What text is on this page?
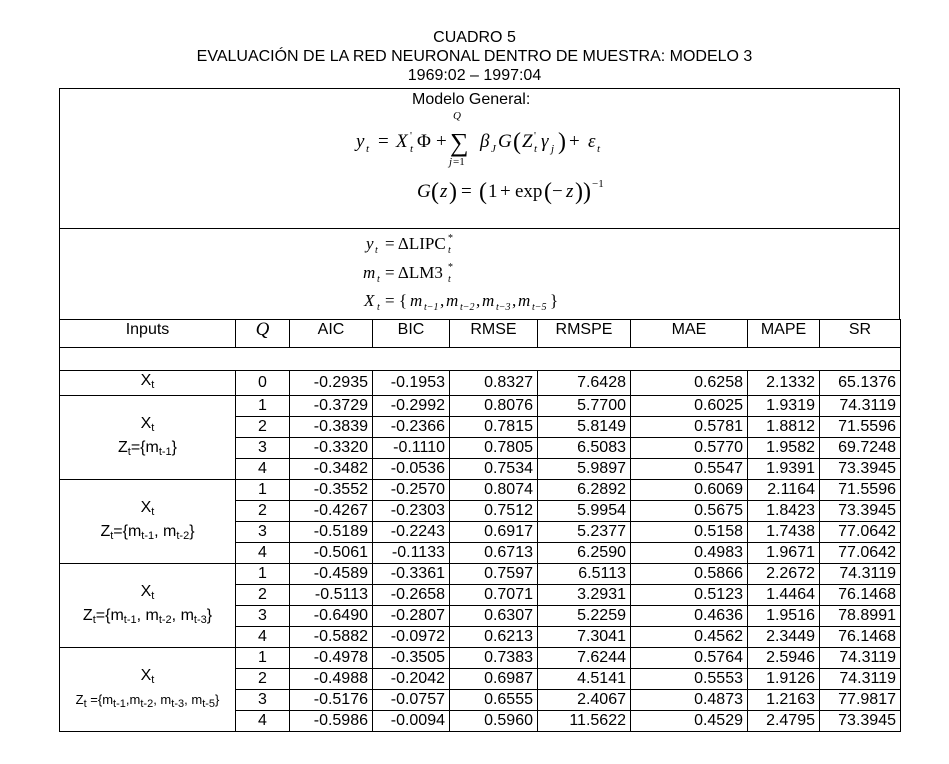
CUADRO 5
EVALUACIÓN DE LA RED NEURONAL DENTRO DE MUESTRA: MODELO 3
1969:02 – 1997:04
Modelo General:
y t = X '
t Φ +
Q
∑
j =1
β J G ( Z '
t γ j ) + ε t
G ( z ) = ( 1 + exp ( − z )) −1
y t = ΔLIPC *
t
m t = ΔLM3 *
t
X t = { m t−1 , m t−2 , m t−3 , m t−5 }
Inputs	Q	AIC	BIC	RMSE	RMSPE	MAE	MAPE	SR

$X_t$	0	-0.2935	-0.1953	0.8327	7.6428	0.6258	2.1332	65.1376

$X_t$
$Z_t=\{m_{t-1}\}$	1	-0.3729	-0.2992	0.8076	5.7700	0.6025	1.9319	74.3119
	2	-0.3839	-0.2366	0.7815	5.8149	0.5781	1.8812	71.5596
	3	-0.3320	-0.1110	0.7805	6.5083	0.5770	1.9582	69.7248
	4	-0.3482	-0.0536	0.7534	5.9897	0.5547	1.9391	73.3945

$X_t$
$Z_t=\{m_{t-1}$, $m_{t-2}$}	1	-0.3552	-0.2570	0.8074	6.2892	0.6069	2.1164	71.5596
	2	-0.4267	-0.2303	0.7512	5.9954	0.5675	1.8423	73.3945
	3	-0.5189	-0.2243	0.6917	5.2377	0.5158	1.7438	77.0642
	4	-0.5061	-0.1133	0.6713	6.2590	0.4983	1.9671	77.0642

$X_t$
$Z_t=\{m_{t-1}$, $m_{t-2}$, $m_{t-3}$}	1	-0.4589	-0.3361	0.7597	6.5113	0.5866	2.2672	74.3119
	2	-0.5113	-0.2658	0.7071	3.2931	0.5123	1.4464	76.1468
	3	-0.6490	-0.2807	0.6307	5.2259	0.4636	1.9516	78.8991
	4	-0.5882	-0.0972	0.6213	7.3041	0.4562	2.3449	76.1468

$X_t$
$Z_t =\{m_{t-1},m_{t-2}$, $m_{t-3}$, $m_{t-5}$}	1	-0.4978	-0.3505	0.7383	7.6244	0.5764	2.5946	74.3119
	2	-0.4988	-0.2042	0.6987	4.5141	0.5553	1.9126	74.3119
	3	-0.5176	-0.0757	0.6555	2.4067	0.4873	1.2163	77.9817
	4	-0.5986	-0.0094	0.5960	11.5622	0.4529	2.4795	73.3945
